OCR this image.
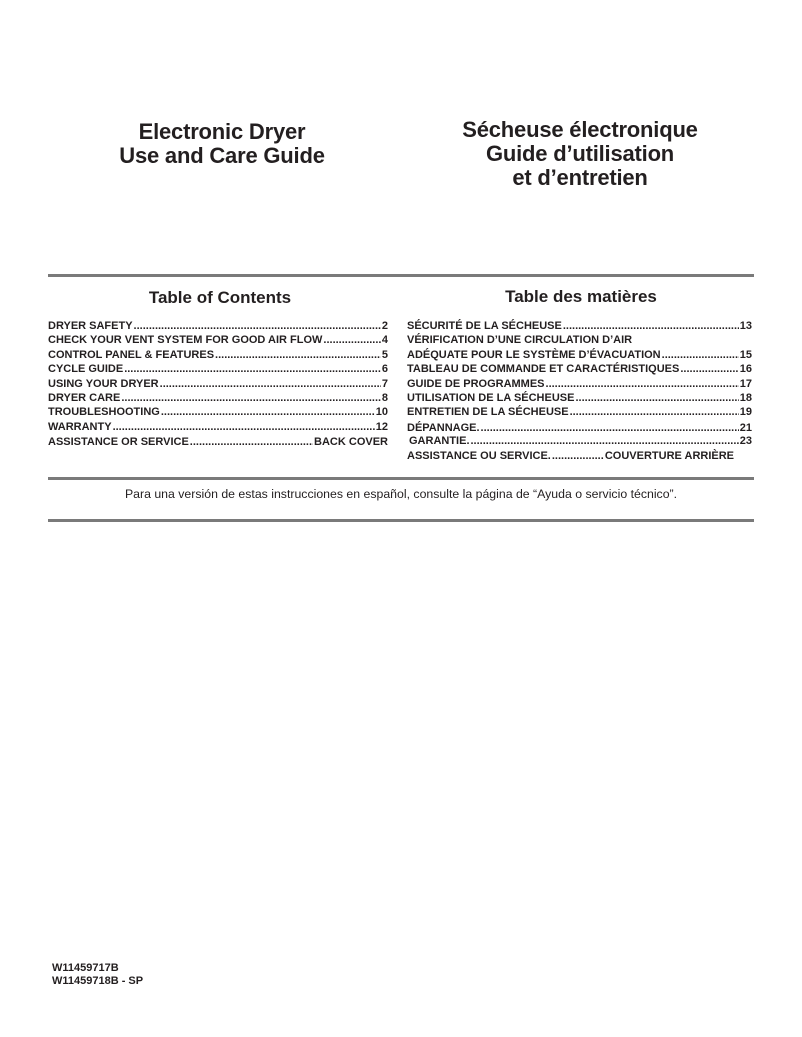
Electronic Dryer
Use and Care Guide
Sécheuse électronique
Guide d’utilisation
et d’entretien
Table of Contents	Table des matières
DRYER SAFETY .....	2
CHECK YOUR VENT SYSTEM FOR GOOD AIR FLOW .....	4
CONTROL PANEL & FEATURES .....	5
CYCLE GUIDE .....	6
USING YOUR DRYER .....	7
DRYER CARE .....	8
TROUBLESHOOTING .....	10
WARRANTY .....	12
ASSISTANCE OR SERVICE .....	BACK COVER
SÉCURITÉ DE LA SÉCHEUSE .....	13
VÉRIFICATION D’UNE CIRCULATION D’AIR
ADÉQUATE POUR LE SYSTÈME D’ÉVACUATION .....	15
TABLEAU DE COMMANDE ET CARACTÉRISTIQUES .....	16
GUIDE DE PROGRAMMES .....	17
UTILISATION DE LA SÉCHEUSE .....	18
ENTRETIEN DE LA SÉCHEUSE .....	19
DÉPANNAGE. .....	21
GARANTIE. .....	23
ASSISTANCE OU SERVICE. .....	COUVERTURE ARRIÈRE
Para una versión de estas instrucciones en español, consulte la página de “Ayuda o servicio técnico”.
W11459717B
W11459718B - SP
